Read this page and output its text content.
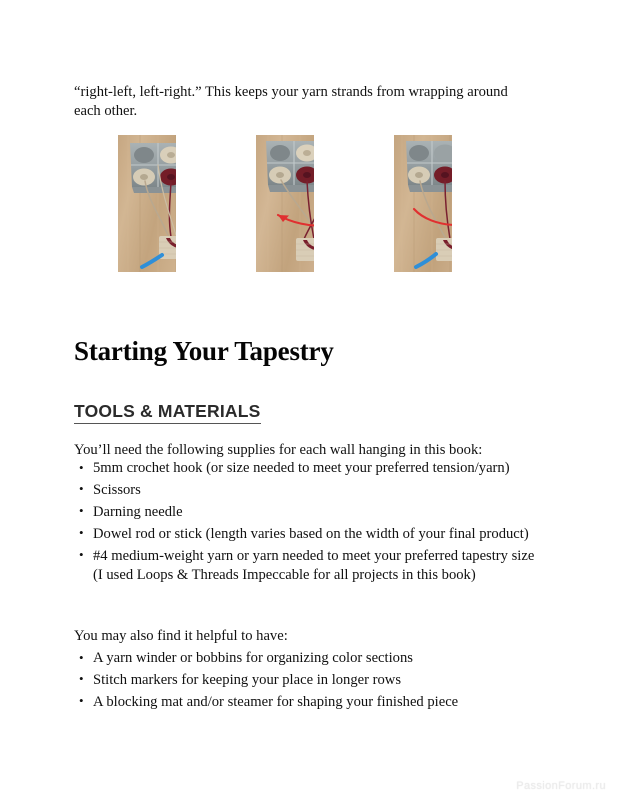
“right-left, left-right.” This keeps your yarn strands from wrapping around each other.

Starting Your Tapestry
TOOLS & MATERIALS

You’ll need the following supplies for each wall hanging in this book:

• 5mm crochet hook (or size needed to meet your preferred tension/yarn)
• Scissors
• Darning needle
• Dowel rod or stick (length varies based on the width of your final product)
• #4 medium-weight yarn or yarn needed to meet your preferred tapestry size (I used Loops & Threads Impeccable for all projects in this book)

You may also find it helpful to have:

• A yarn winder or bobbins for organizing color sections
• Stitch markers for keeping your place in longer rows
• A blocking mat and/or steamer for shaping your finished piece
PassionForum.ru
